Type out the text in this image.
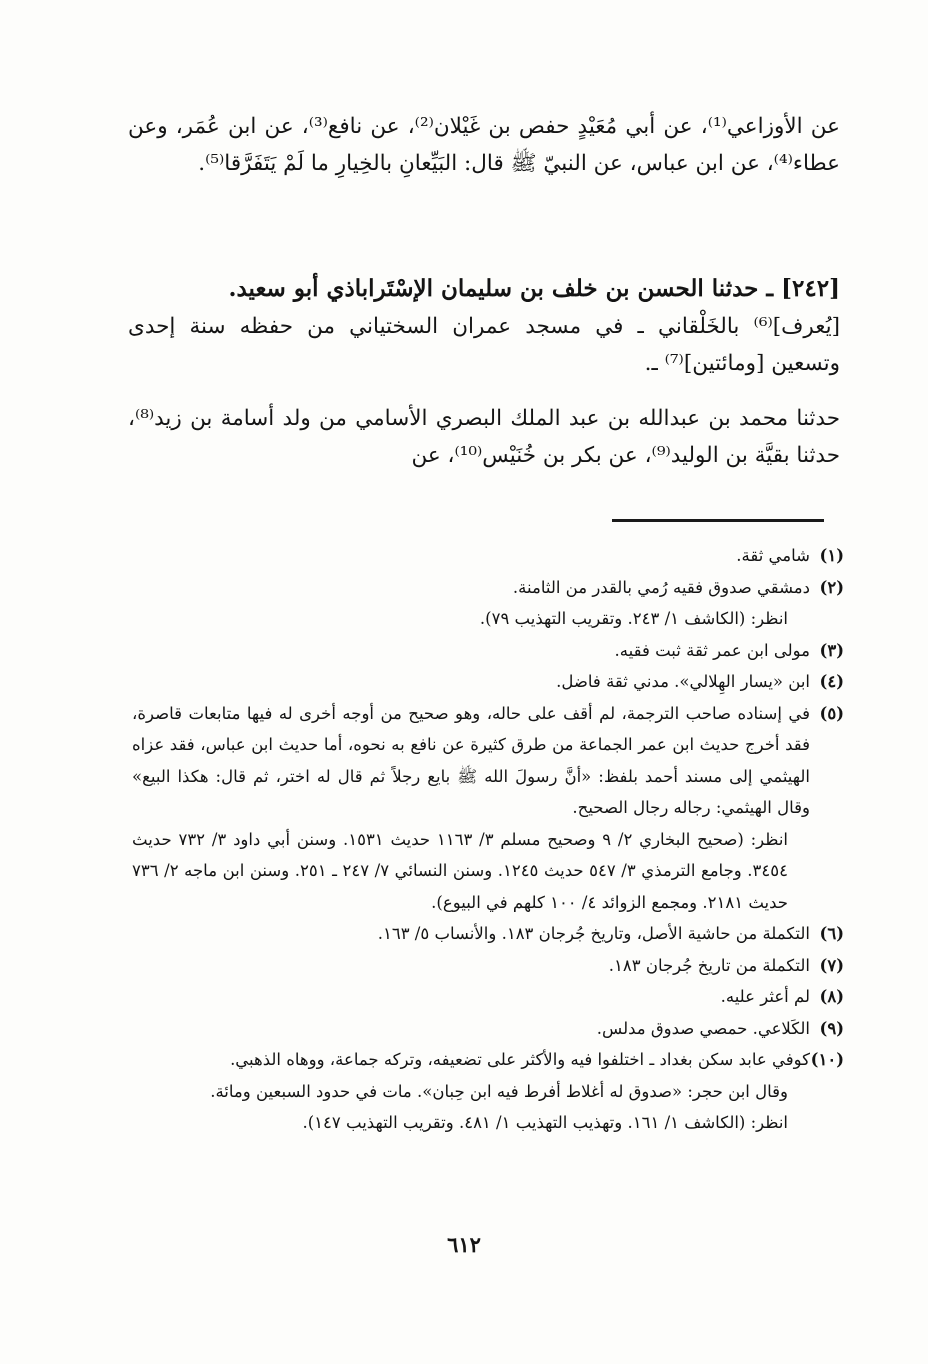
عن الأوزاعي⁽¹⁾، عن أبي مُعَيْدٍ حفص بن غَيْلان⁽²⁾، عن نافع⁽³⁾، عن ابن عُمَر، وعن عطاء⁽⁴⁾، عن ابن عباس، عن النبيّ ﷺ قال: البَيِّعانِ بالخِيارِ ما لَمْ يَتَفَرَّقا⁽⁵⁾.

[٢٤٢] ـ حدثنا الحسن بن خلف بن سليمان الإسْتَراباذي أبو سعيد.

[يُعرف]⁽⁶⁾ بالخَلْقاني ـ في مسجد عمران السختياني من حفظه سنة إحدى وتسعين [ومائتين]⁽⁷⁾ ـ.

حدثنا محمد بن عبدالله بن عبد الملك البصري الأسامي من ولد أسامة بن زيد⁽⁸⁾، حدثنا بقيَّة بن الوليد⁽⁹⁾، عن بكر بن خُنَيْس⁽¹⁰⁾، عن

(١)
شامي ثقة.
(٢)
دمشقي صدوق فقيه رُمي بالقدر من الثامنة.
انظر: (الكاشف ١/ ٢٤٣. وتقريب التهذيب ٧٩).
(٣)
مولى ابن عمر ثقة ثبت فقيه.
(٤)
ابن «يسار الهِلالي». مدني ثقة فاضل.
(٥)
في إسناده صاحب الترجمة، لم أقف على حاله، وهو صحيح من أوجه أخرى له فيها متابعات قاصرة، فقد أخرج حديث ابن عمر الجماعة من طرق كثيرة عن نافع به نحوه، أما حديث ابن عباس، فقد عزاه الهيثمي إلى مسند أحمد بلفظ: «أنَّ رسولَ الله ﷺ بايع رجلاً ثم قال له اختر، ثم قال: هكذا البيع» وقال الهيثمي: رجاله رجال الصحيح.
انظر: (صحيح البخاري ٢/ ٩ وصحيح مسلم ٣/ ١١٦٣ حديث ١٥٣١. وسنن أبي داود ٣/ ٧٣٢ حديث ٣٤٥٤. وجامع الترمذي ٣/ ٥٤٧ حديث ١٢٤٥. وسنن النسائي ٧/ ٢٤٧ ـ ٢٥١. وسنن ابن ماجه ٢/ ٧٣٦ حديث ٢١٨١. ومجمع الزوائد ٤/ ١٠٠ كلهم في البيوع).
(٦)
التكملة من حاشية الأصل، وتاريخ جُرجان ١٨٣. والأنساب ٥/ ١٦٣.
(٧)
التكملة من تاريخ جُرجان ١٨٣.
(٨)
لم أعثر عليه.
(٩)
الكَلاعي. حمصي صدوق مدلس.
(١٠)
كوفي عابد سكن بغداد ـ اختلفوا فيه والأكثر على تضعيفه، وتركه جماعة، ووهاه الذهبي.
وقال ابن حجر: «صدوق له أغلاط أفرط فيه ابن حِبان». مات في حدود السبعين ومائة.
انظر: (الكاشف ١/ ١٦١. وتهذيب التهذيب ١/ ٤٨١. وتقريب التهذيب ١٤٧).
٦١٢
